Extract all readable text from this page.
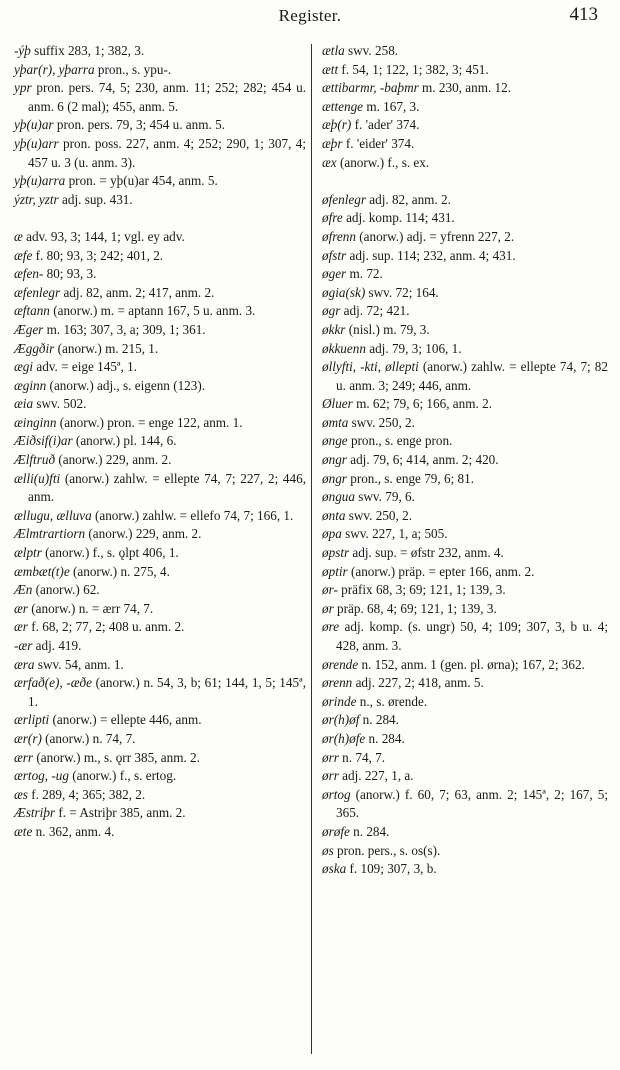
Register.	413

-ýþ suffix 283, 1; 382, 3.

yþar(r), yþarra pron., s. ypu-.

ypr pron. pers. 74, 5; 230, anm. 11; 252; 282; 454 u. anm. 6 (2 mal); 455, anm. 5.

yþ(u)ar pron. pers. 79, 3; 454 u. anm. 5.

yþ(u)arr pron. poss. 227, anm. 4; 252; 290, 1; 307, 4; 457 u. 3 (u. anm. 3).

yþ(u)arra pron. = yþ(u)ar 454, anm. 5.

ýztr, yztr adj. sup. 431.

æ adv. 93, 3; 144, 1; vgl. ey adv.

æfe f. 80; 93, 3; 242; 401, 2.

æfen- 80; 93, 3.

æfenlegr adj. 82, anm. 2; 417, anm. 2.

æftann (anorw.) m. = aptann 167, 5 u. anm. 3.

Æger m. 163; 307, 3, a; 309, 1; 361.

Æggðir (anorw.) m. 215, 1.

ægi adv. = eige 145ª, 1.

æginn (anorw.) adj., s. eigenn (123).

æia swv. 502.

æinginn (anorw.) pron. = enge 122, anm. 1.

Æiðsif(i)ar (anorw.) pl. 144, 6.

Ælftruð (anorw.) 229, anm. 2.

ælli(u)fti (anorw.) zahlw. = ellepte 74, 7; 227, 2; 446, anm.

ællugu, ælluva (anorw.) zahlw. = ellefo 74, 7; 166, 1.

Ælmtrartiorn (anorw.) 229, anm. 2.

ælptr (anorw.) f., s. ǫlpt 406, 1.

æmbæt(t)e (anorw.) n. 275, 4.

Æn (anorw.) 62.

ær (anorw.) n. = ærr 74, 7.

ær f. 68, 2; 77, 2; 408 u. anm. 2.

-ær adj. 419.

æra swv. 54, anm. 1.

ærfað(e), -æðe (anorw.) n. 54, 3, b; 61; 144, 1, 5; 145ª, 1.

ærlipti (anorw.) = ellepte 446, anm.

ær(r) (anorw.) n. 74, 7.

ærr (anorw.) m., s. ǫrr 385, anm. 2.

ærtog, -ug (anorw.) f., s. ertog.

æs f. 289, 4; 365; 382, 2.

Æstriþr f. = Astriþr 385, anm. 2.

æte n. 362, anm. 4.

ætla swv. 258.

ætt f. 54, 1; 122, 1; 382, 3; 451.

ættibarmr, -baþmr m. 230, anm. 12.

ættenge m. 167, 3.

æþ(r) f. 'ader' 374.

æþr f. 'eider' 374.

æx (anorw.) f., s. ex.

øfenlegr adj. 82, anm. 2.

øfre adj. komp. 114; 431.

øfrenn (anorw.) adj. = yfrenn 227, 2.

øfstr adj. sup. 114; 232, anm. 4; 431.

øger m. 72.

øgia(sk) swv. 72; 164.

øgr adj. 72; 421.

økkr (nisl.) m. 79, 3.

økkuenn adj. 79, 3; 106, 1.

øllyfti, -kti, øllepti (anorw.) zahlw. = ellepte 74, 7; 82 u. anm. 3; 249; 446, anm.

Øluer m. 62; 79, 6; 166, anm. 2.

ømta swv. 250, 2.

ønge pron., s. enge pron.

øngr adj. 79, 6; 414, anm. 2; 420.

øngr pron., s. enge 79, 6; 81.

øngua swv. 79, 6.

ønta swv. 250, 2.

øpa swv. 227, 1, a; 505.

øpstr adj. sup. = øfstr 232, anm. 4.

øptir (anorw.) präp. = epter 166, anm. 2.

ør- präfix 68, 3; 69; 121, 1; 139, 3.

ør präp. 68, 4; 69; 121, 1; 139, 3.

øre adj. komp. (s. ungr) 50, 4; 109; 307, 3, b u. 4; 428, anm. 3.

ørende n. 152, anm. 1 (gen. pl. ørna); 167, 2; 362.

ørenn adj. 227, 2; 418, anm. 5.

ørinde n., s. ørende.

ør(h)øf n. 284.

ør(h)øfe n. 284.

ørr n. 74, 7.

ørr adj. 227, 1, a.

ørtog (anorw.) f. 60, 7; 63, anm. 2; 145ª, 2; 167, 5; 365.

ørøfe n. 284.

øs pron. pers., s. os(s).

øska f. 109; 307, 3, b.
